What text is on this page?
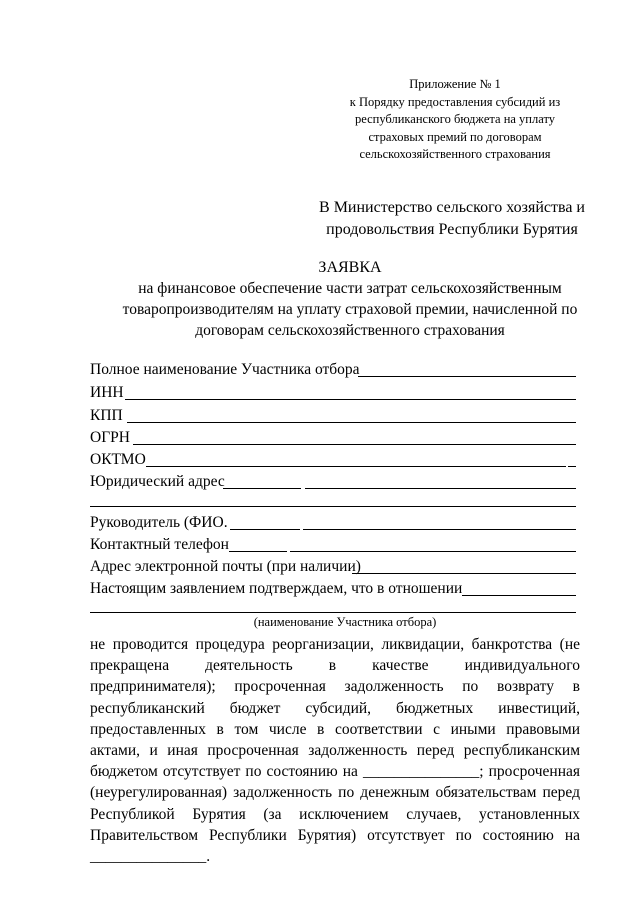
Приложение № 1
к Порядку предоставления субсидий из
республиканского бюджета на уплату
страховых премий по договорам
сельскохозяйственного страхования
В Министерство сельского хозяйства и
продовольствия Республики Бурятия
ЗАЯВКА
на финансовое обеспечение части затрат сельскохозяйственным
товаропроизводителям на уплату страховой премии, начисленной по
договорам сельскохозяйственного страхования
Полное наименование Участника отбора
ИНН
КПП
ОГРН
ОКТМО
Юридический адрес
Руководитель (ФИО.
Контактный телефон
Адрес электронной почты (при наличии)
Настоящим заявлением подтверждаем, что в отношении
(наименование Участника отбора)

не проводится процедура реорганизации, ликвидации, банкротства (не прекращена деятельность в качестве индивидуального предпринимателя); просроченная задолженность по возврату в республиканский бюджет субсидий, бюджетных инвестиций, предоставленных в том числе в соответствии с иными правовыми актами, и иная просроченная задолженность перед республиканским бюджетом отсутствует по состоянию на _______________; просроченная (неурегулированная) задолженность по денежным обязательствам перед Республикой Бурятия (за исключением случаев, установленных Правительством Республики Бурятия) отсутствует по состоянию на _______________.
